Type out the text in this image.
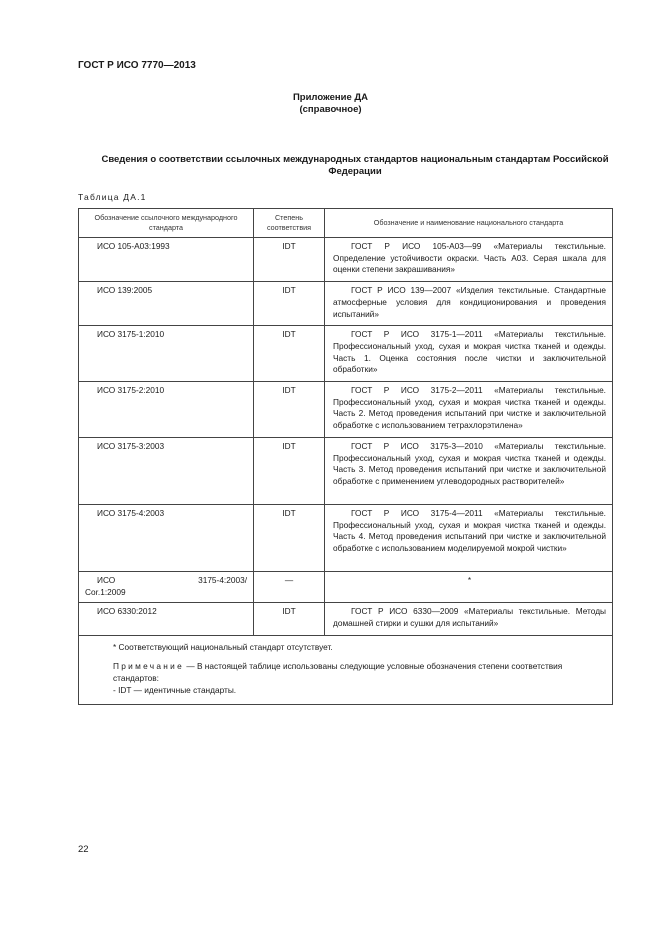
ГОСТ Р ИСО 7770—2013
Приложение ДА
(справочное)
Сведения о соответствии ссылочных международных стандартов национальным стандартам Российской Федерации
Таблица ДА.1
Обозначение ссылочного международного стандарта	Степень соответствия	Обозначение и наименование национального стандарта
ИСО 105-А03:1993	IDT	ГОСТ Р ИСО 105-А03—99 «Материалы текстильные. Определение устойчивости окраски. Часть А03. Серая шкала для оценки степени закрашивания»
ИСО 139:2005	IDT	ГОСТ Р ИСО 139—2007 «Изделия текстильные. Стандартные атмосферные условия для кондиционирования и проведения испытаний»
ИСО 3175-1:2010	IDT	ГОСТ Р ИСО 3175-1—2011 «Материалы текстильные. Профессиональный уход, сухая и мокрая чистка тканей и одежды. Часть 1. Оценка состояния после чистки и заключительной обработки»
ИСО 3175-2:2010	IDT	ГОСТ Р ИСО 3175-2—2011 «Материалы текстильные. Профессиональный уход, сухая и мокрая чистка тканей и одежды. Часть 2. Метод проведения испытаний при чистке и заключительной обработке с использованием тетрахлорэтилена»
ИСО 3175-3:2003	IDT	ГОСТ Р ИСО 3175-3—2010 «Материалы текстильные. Профессиональный уход, сухая и мокрая чистка тканей и одежды. Часть 3. Метод проведения испытаний при чистке и заключительной обработке с применением углеводородных растворителей»
ИСО 3175-4:2003	IDT	ГОСТ Р ИСО 3175-4—2011 «Материалы текстильные. Профессиональный уход, сухая и мокрая чистка тканей и одежды. Часть 4. Метод проведения испытаний при чистке и заключительной обработке с использованием моделируемой мокрой чистки»

ИСО 3175-4:2003/
Cor.1:2009	—	*
ИСО 6330:2012	IDT	ГОСТ Р ИСО 6330—2009 «Материалы текстильные. Методы домашней стирки и сушки для испытаний»

* Соответствующий национальный стандарт отсутствует.

Примечание — В настоящей таблице использованы следующие условные обозначения степени соответствия стандартов:

- IDT — идентичные стандарты.		

22
